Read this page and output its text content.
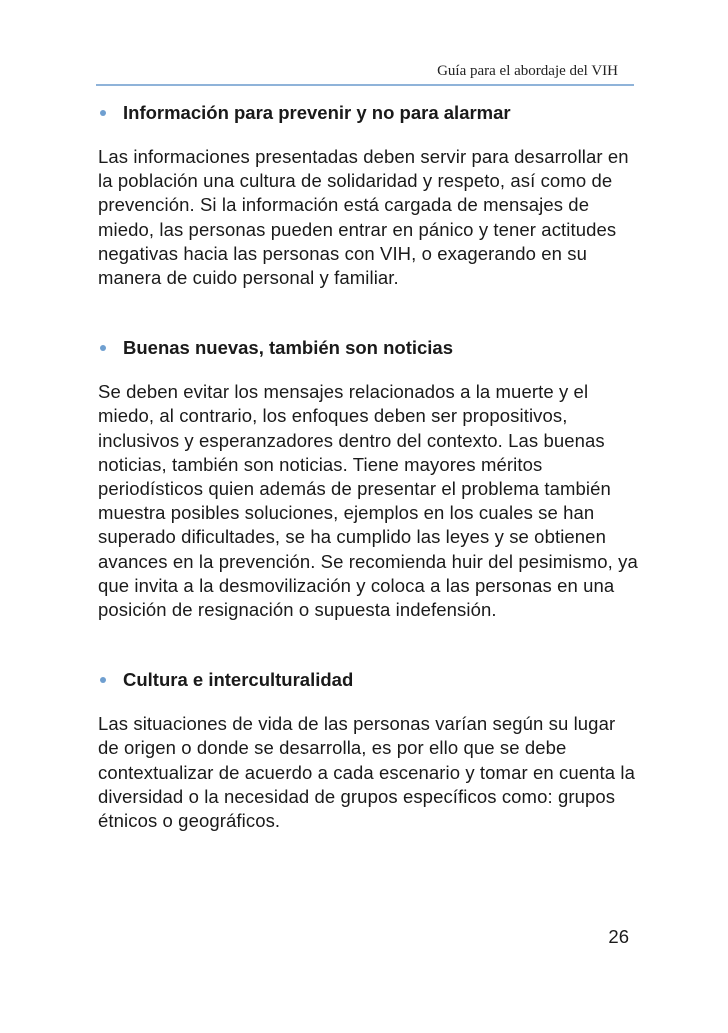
Guía para el abordaje del VIH
Información para prevenir y no para alarmar

Las informaciones presentadas deben servir para desarrollar en la población una cultura de solidaridad y respeto, así como de prevención. Si la información está cargada de mensajes de miedo, las personas pueden entrar en pánico y tener actitudes negativas hacia las personas con VIH, o exagerando en su manera de cuido personal y familiar.

Buenas nuevas, también son noticias

Se deben evitar los mensajes relacionados a la muerte y el miedo, al contrario, los enfoques deben ser propositivos, inclusivos y esperanzadores dentro del contexto. Las buenas noticias, también son noticias. Tiene mayores méritos periodísticos quien además de presentar el problema también muestra posibles soluciones, ejemplos en los cuales se han superado dificultades, se ha cumplido las leyes y se obtienen avances en la prevención. Se recomienda huir del pesimismo, ya que invita a la desmovilización y coloca a las personas en una posición de resignación o supuesta indefensión.

Cultura e interculturalidad

Las situaciones de vida de las personas varían según su lugar de origen o donde se desarrolla, es por ello que se debe contextualizar de acuerdo a cada escenario y tomar en cuenta la diversidad o la necesidad de grupos específicos como: grupos étnicos o geográficos.

26
